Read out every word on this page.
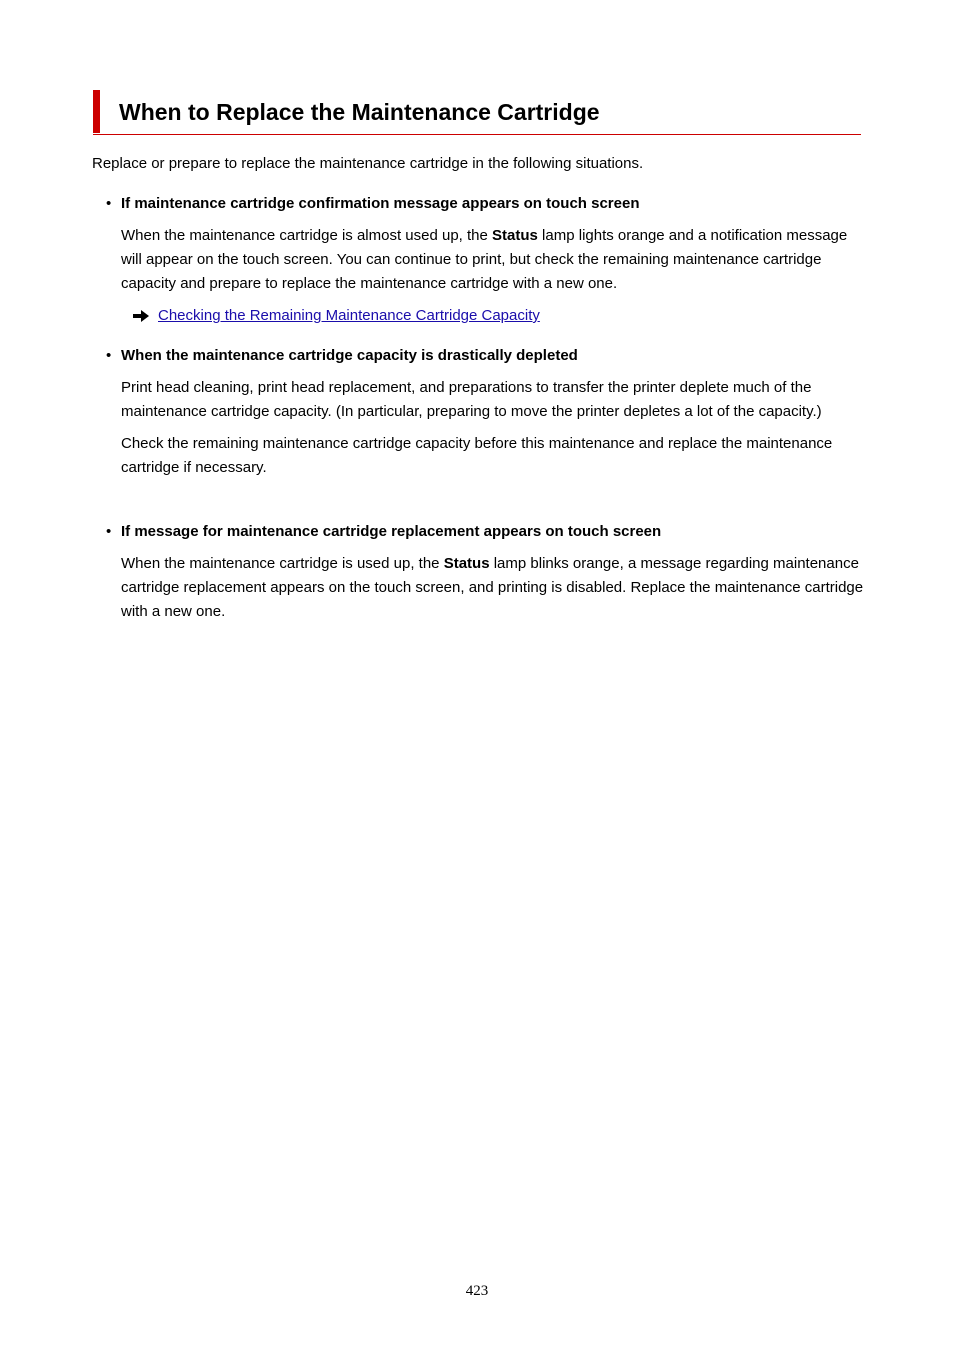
When to Replace the Maintenance Cartridge

Replace or prepare to replace the maintenance cartridge in the following situations.

• If maintenance cartridge confirmation message appears on touch screen

When the maintenance cartridge is almost used up, the Status lamp lights orange and a notification message will appear on the touch screen. You can continue to print, but check the remaining maintenance cartridge capacity and prepare to replace the maintenance cartridge with a new one.

Checking the Remaining Maintenance Cartridge Capacity
• When the maintenance cartridge capacity is drastically depleted

Print head cleaning, print head replacement, and preparations to transfer the printer deplete much of the maintenance cartridge capacity. (In particular, preparing to move the printer depletes a lot of the capacity.)

Check the remaining maintenance cartridge capacity before this maintenance and replace the maintenance cartridge if necessary.

• If message for maintenance cartridge replacement appears on touch screen

When the maintenance cartridge is used up, the Status lamp blinks orange, a message regarding maintenance cartridge replacement appears on the touch screen, and printing is disabled. Replace the maintenance cartridge with a new one.

423
